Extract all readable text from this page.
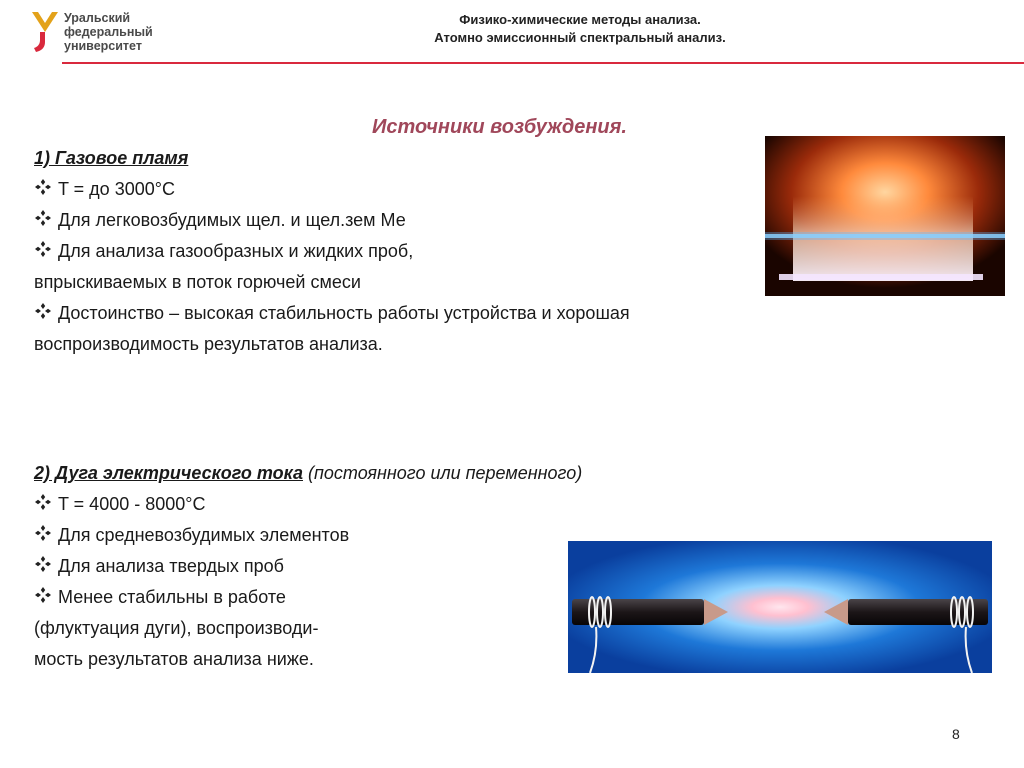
Уральский
федеральный
университет
Физико-химические методы анализа.
Атомно эмиссионный спектральный анализ.
Источники возбуждения.
1) Газовое пламя
T = до 3000°C
Для легковозбудимых щел. и щел.зем Ме
Для анализа газообразных и жидких проб,
впрыскиваемых в поток горючей смеси
Достоинство – высокая стабильность работы устройства и хорошая
воспроизводимость результатов анализа.
2) Дуга электрического тока (постоянного или переменного)
T = 4000 - 8000°C
Для средневозбудимых элементов
Для анализа твердых проб
Менее стабильны в работе
(флуктуация дуги), воспроизводи-
мость результатов анализа ниже.
8
